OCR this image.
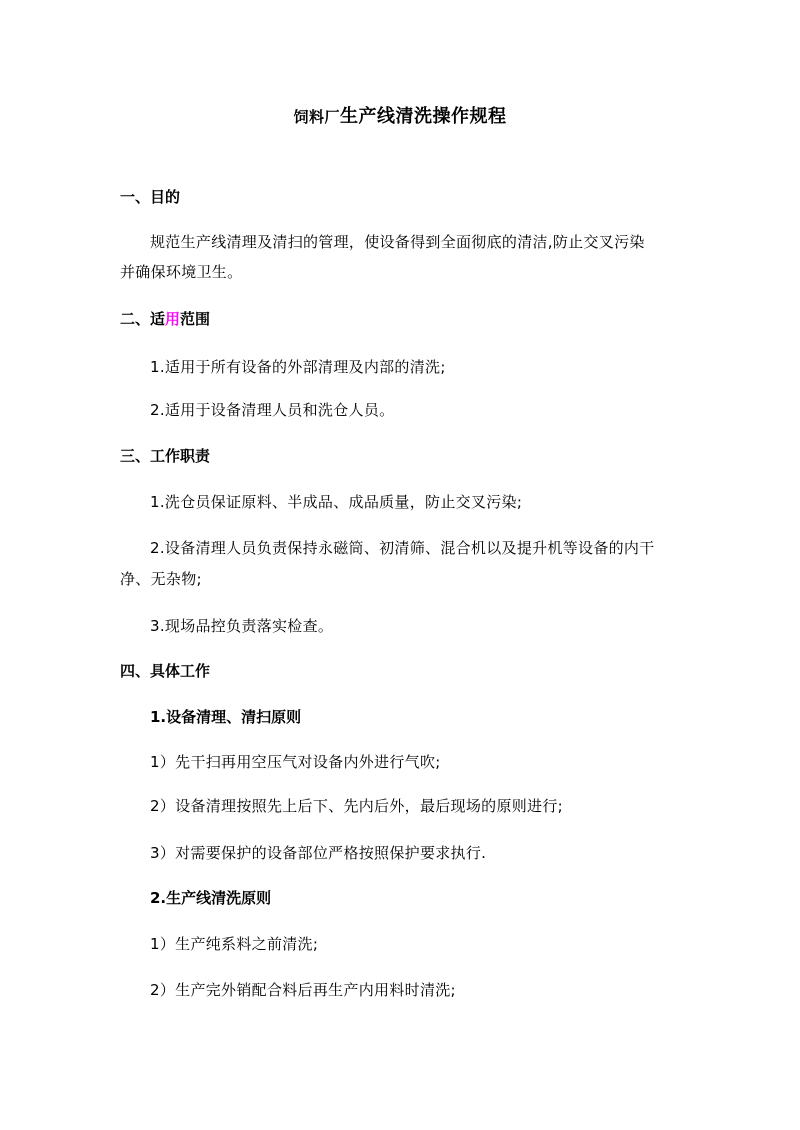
饲料厂生产线清洗操作规程
一、目的
规范生产线清理及清扫的管理，使设备得到全面彻底的清洁,防止交叉污染
并确保环境卫生。
二、适用范围
1.适用于所有设备的外部清理及内部的清洗;
2.适用于设备清理人员和洗仓人员。
三、工作职责
1.洗仓员保证原料、半成品、成品质量，防止交叉污染;
2.设备清理人员负责保持永磁筒、初清筛、混合机以及提升机等设备的内干
净、无杂物;
3.现场品控负责落实检查。
四、具体工作
1.设备清理、清扫原则
1）先干扫再用空压气对设备内外进行气吹;
2）设备清理按照先上后下、先内后外，最后现场的原则进行;
3）对需要保护的设备部位严格按照保护要求执行.
2.生产线清洗原则
1）生产纯系料之前清洗;
2）生产完外销配合料后再生产内用料时清洗;
